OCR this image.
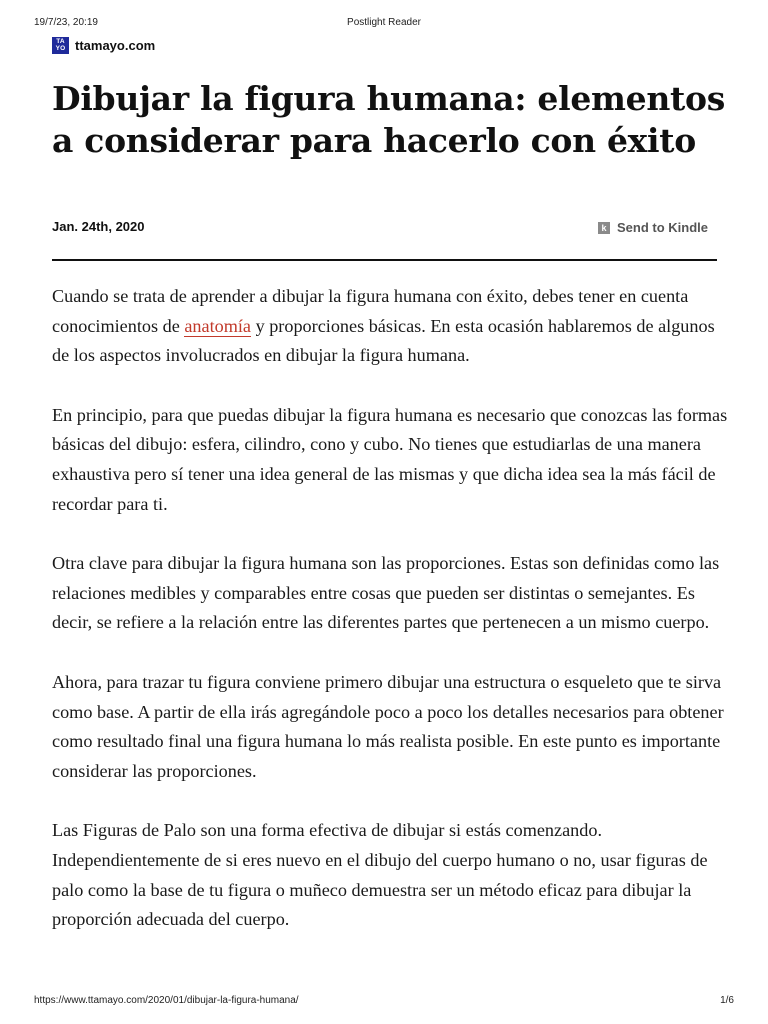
19/7/23, 20:19	Postlight Reader
TA
YO ttamayo.com
Dibujar la figura humana: elementos a considerar para hacerlo con éxito
Jan. 24th, 2020	k Send to Kindle

Cuando se trata de aprender a dibujar la figura humana con éxito, debes tener en cuenta conocimientos de anatomía y proporciones básicas. En esta ocasión hablaremos de algunos de los aspectos involucrados en dibujar la figura humana.

En principio, para que puedas dibujar la figura humana es necesario que conozcas las formas básicas del dibujo: esfera, cilindro, cono y cubo. No tienes que estudiarlas de una manera exhaustiva pero sí tener una idea general de las mismas y que dicha idea sea la más fácil de recordar para ti.

Otra clave para dibujar la figura humana son las proporciones. Estas son definidas como las relaciones medibles y comparables entre cosas que pueden ser distintas o semejantes. Es decir, se refiere a la relación entre las diferentes partes que pertenecen a un mismo cuerpo.

Ahora, para trazar tu figura conviene primero dibujar una estructura o esqueleto que te sirva como base. A partir de ella irás agregándole poco a poco los detalles necesarios para obtener como resultado final una figura humana lo más realista posible. En este punto es importante considerar las proporciones.

Las Figuras de Palo son una forma efectiva de dibujar si estás comenzando. Independientemente de si eres nuevo en el dibujo del cuerpo humano o no, usar figuras de palo como la base de tu figura o muñeco demuestra ser un método eficaz para dibujar la proporción adecuada del cuerpo.

https://www.ttamayo.com/2020/01/dibujar-la-figura-humana/	1/6
